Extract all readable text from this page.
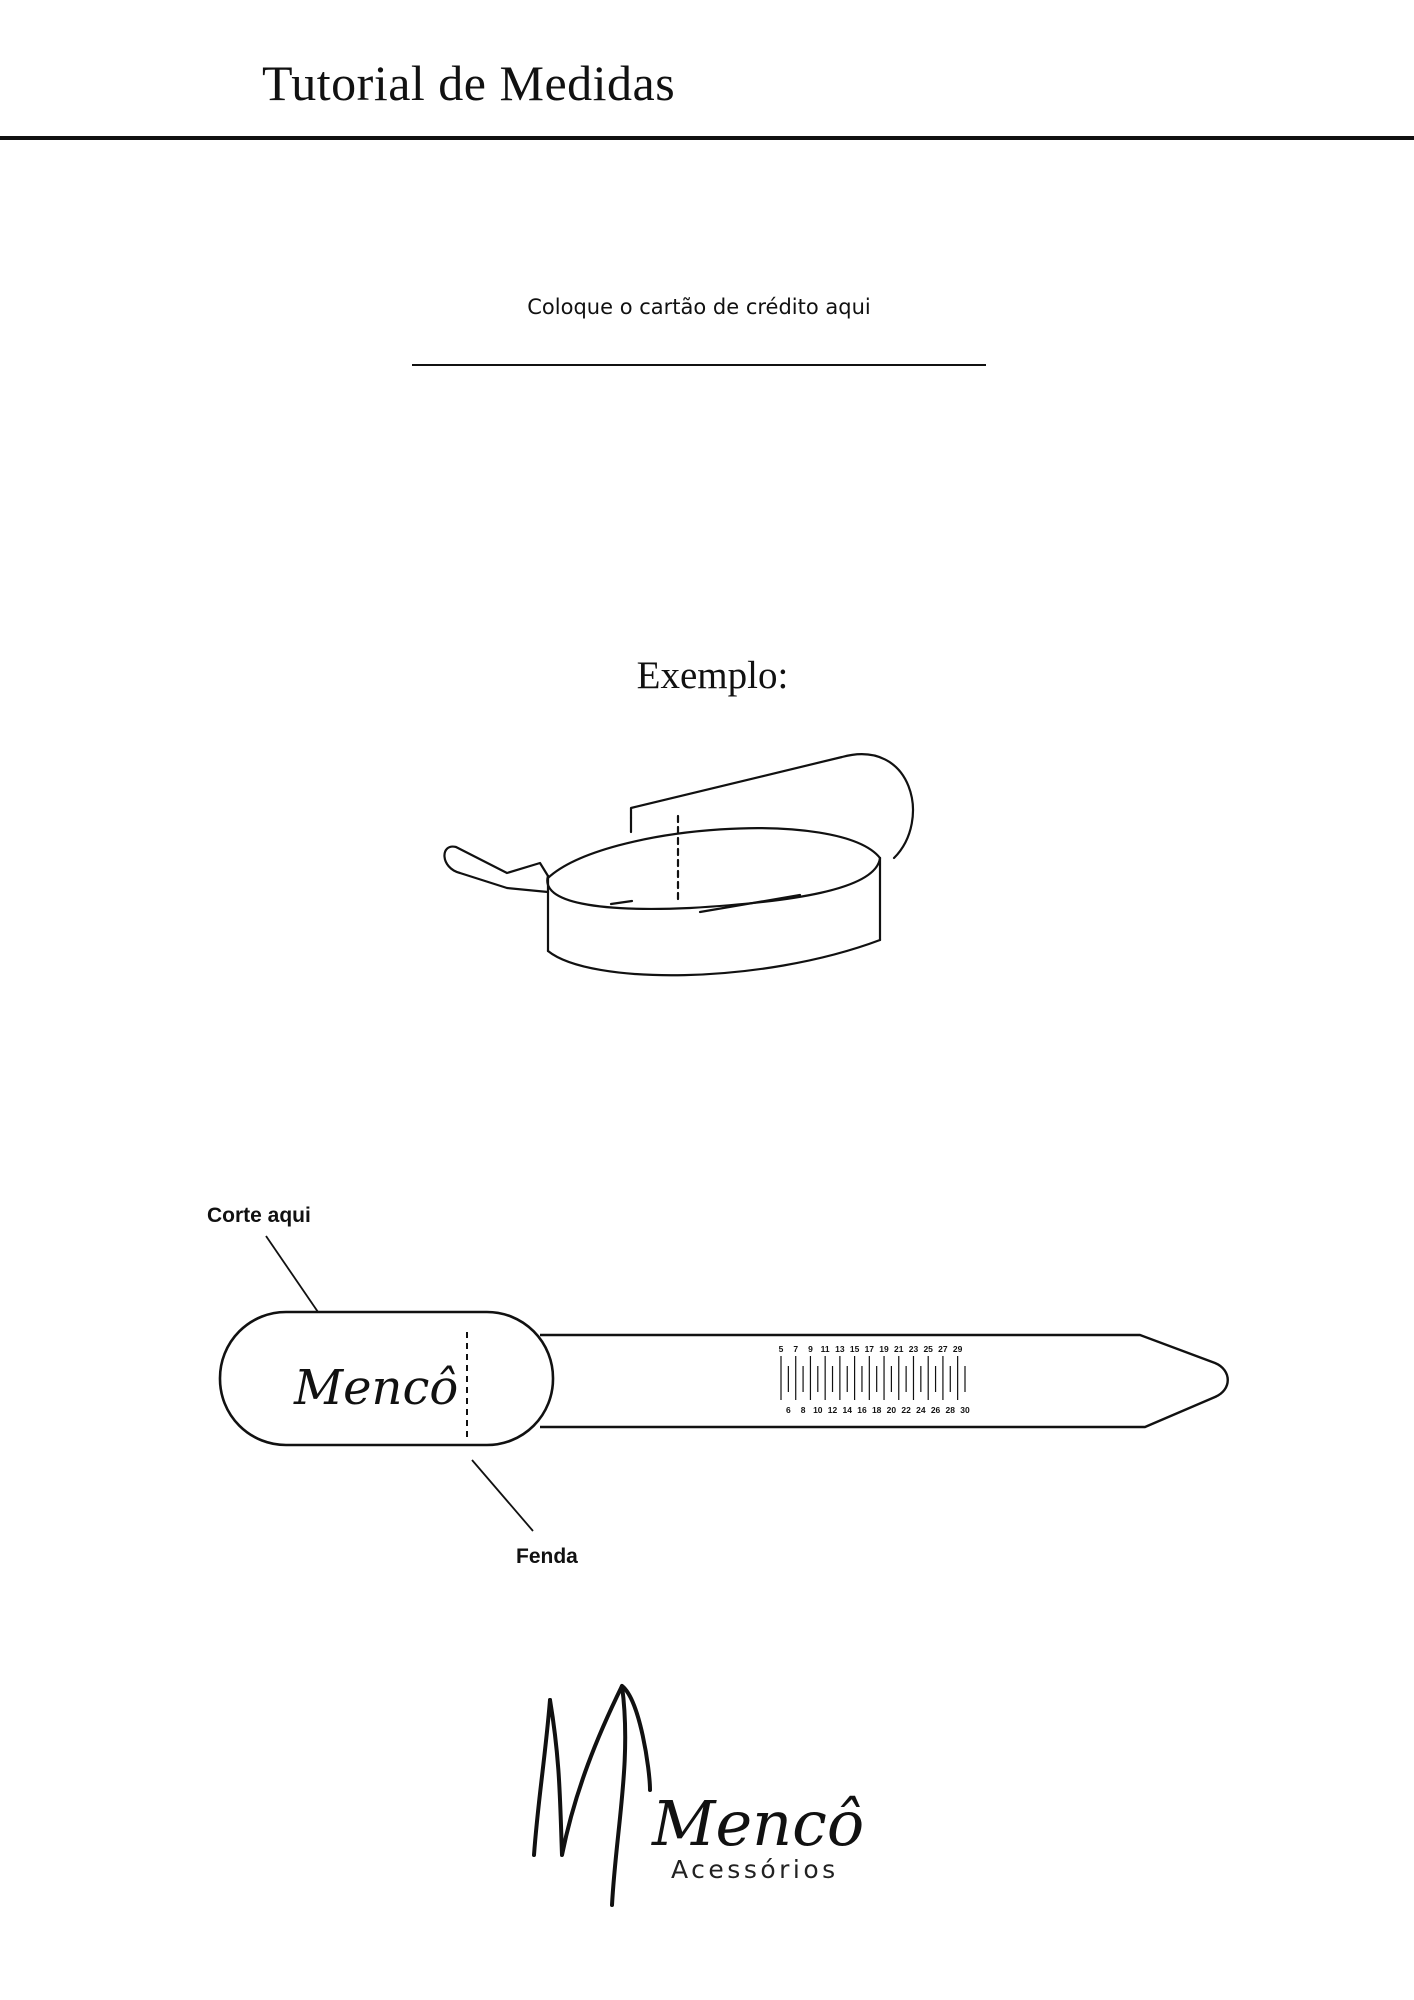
Tutorial de Medidas
Coloque o cartão de crédito aqui
Exemplo:
Mencô
5
6
7
8
9
10
11
12
13
14
15
16
17
18
19
20
21
22
23
24
25
26
27
28
29
30
Corte aqui
Fenda
Mencô
Acessórios
